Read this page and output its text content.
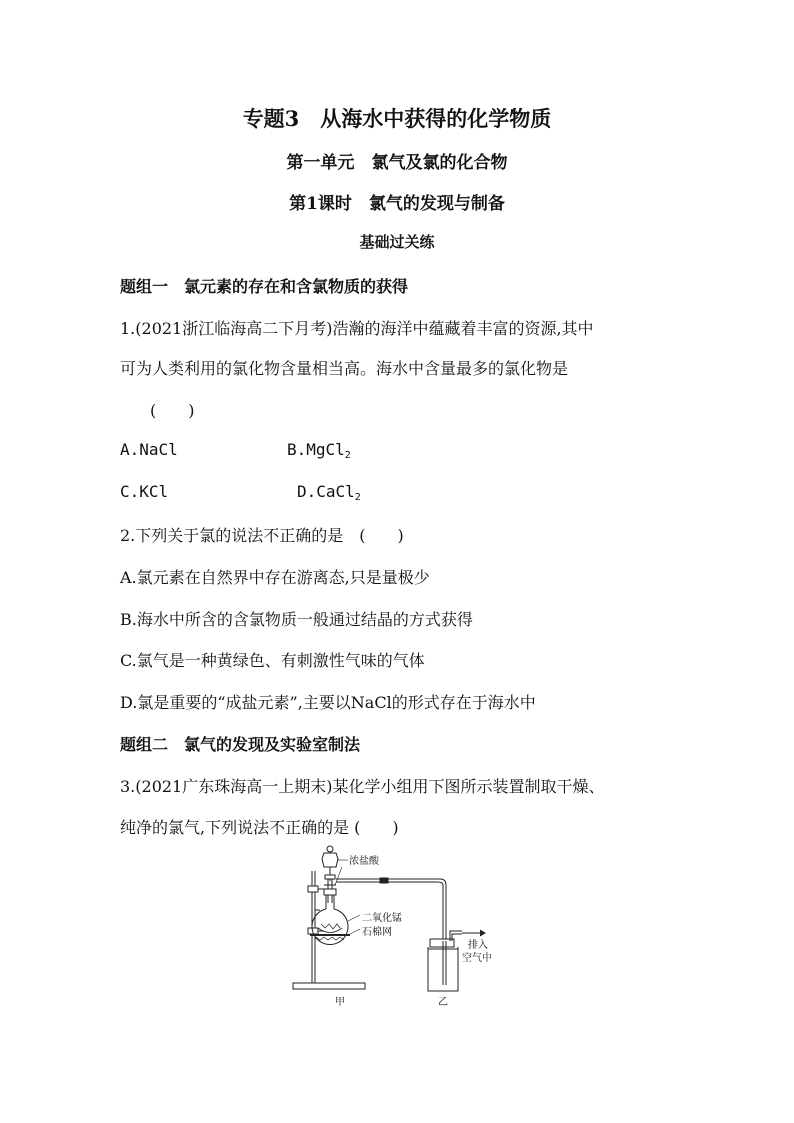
专题3　从海水中获得的化学物质
第一单元　氯气及氯的化合物
第1课时　氯气的发现与制备
基础过关练
题组一　氯元素的存在和含氯物质的获得
1.(2021浙江临海高二下月考)浩瀚的海洋中蕴藏着丰富的资源,其中
可为人类利用的氯化物含量相当高。海水中含量最多的氯化物是
(　　)
A.NaCl	B.MgCl$_2$
C.KCl	D.CaCl$_2$
2.下列关于氯的说法不正确的是　(　　)
A.氯元素在自然界中存在游离态,只是量极少
B.海水中所含的含氯物质一般通过结晶的方式获得
C.氯气是一种黄绿色、有刺激性气味的气体
D.氯是重要的“成盐元素”,主要以NaCl的形式存在于海水中
题组二　氯气的发现及实验室制法
3.(2021广东珠海高一上期末)某化学小组用下图所示装置制取干燥、
纯净的氯气,下列说法不正确的是 (　　)
浓盐酸
二氧化锰
石棉网
排入
空气中
甲	乙
